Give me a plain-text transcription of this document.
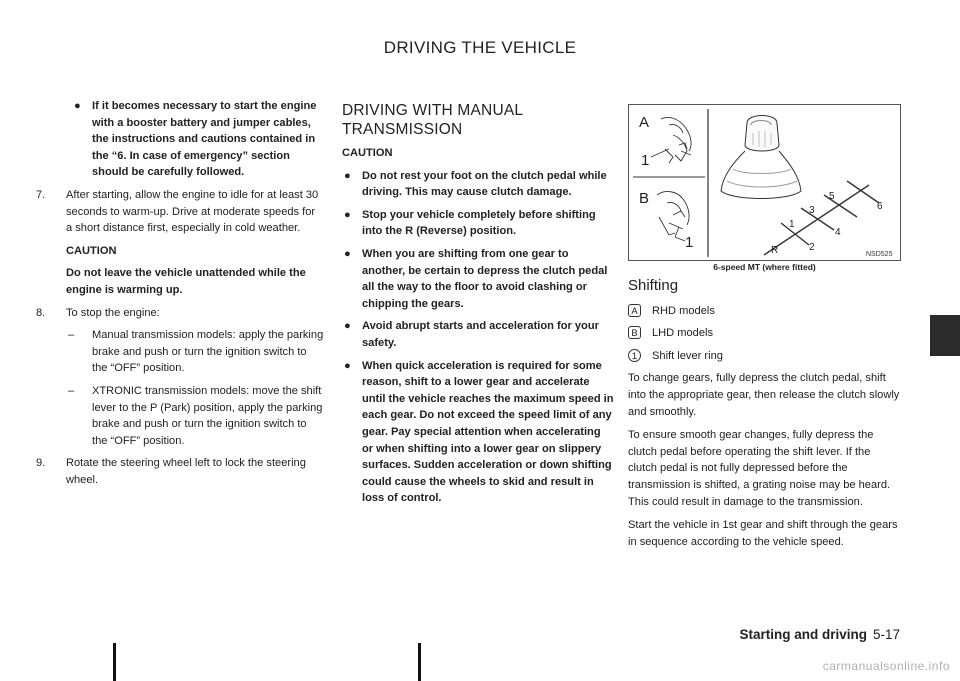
DRIVING THE VEHICLE
● If it becomes necessary to start the engine with a booster battery and jumper cables, the instructions and cautions contained in the “6. In case of emergency” section should be carefully followed.
7. After starting, allow the engine to idle for at least 30 seconds to warm-up. Drive at moderate speeds for a short distance first, especially in cold weather.

CAUTION

Do not leave the vehicle unattended while the engine is warming up.

8. To stop the engine:
– Manual transmission models: apply the parking brake and push or turn the ignition switch to the “OFF” position.
– XTRONIC transmission models: move the shift lever to the P (Park) position, apply the parking brake and push or turn the ignition switch to the “OFF” position.
9. Rotate the steering wheel left to lock the steering wheel.
DRIVING WITH MANUAL
TRANSMISSION

CAUTION

● Do not rest your foot on the clutch pedal while driving. This may cause clutch damage.
● Stop your vehicle completely before shifting into the R (Reverse) position.
● When you are shifting from one gear to another, be certain to depress the clutch pedal all the way to the floor to avoid clashing or chipping the gears.
● Avoid abrupt starts and acceleration for your safety.
● When quick acceleration is required for some reason, shift to a lower gear and accelerate until the vehicle reaches the maximum speed in each gear. Do not exceed the speed limit of any gear. Pay special attention when accelerating or when shifting into a lower gear on slippery surfaces. Sudden acceleration or down shifting could cause the wheels to skid and result in loss of control.
A
1
B
1	R
1
3
5
2
4
6
NSD525
6-speed MT (where fitted)
Shifting
A RHD models
B LHD models
1	Shift lever ring

To change gears, fully depress the clutch pedal, shift into the appropriate gear, then release the clutch slowly and smoothly.

To ensure smooth gear changes, fully depress the clutch pedal before operating the shift lever. If the clutch pedal is not fully depressed before the transmission is shifted, a grating noise may be heard. This could result in damage to the transmission.

Start the vehicle in 1st gear and shift through the gears in sequence according to the vehicle speed.

Starting and driving 5-17
carmanualsonline.info
